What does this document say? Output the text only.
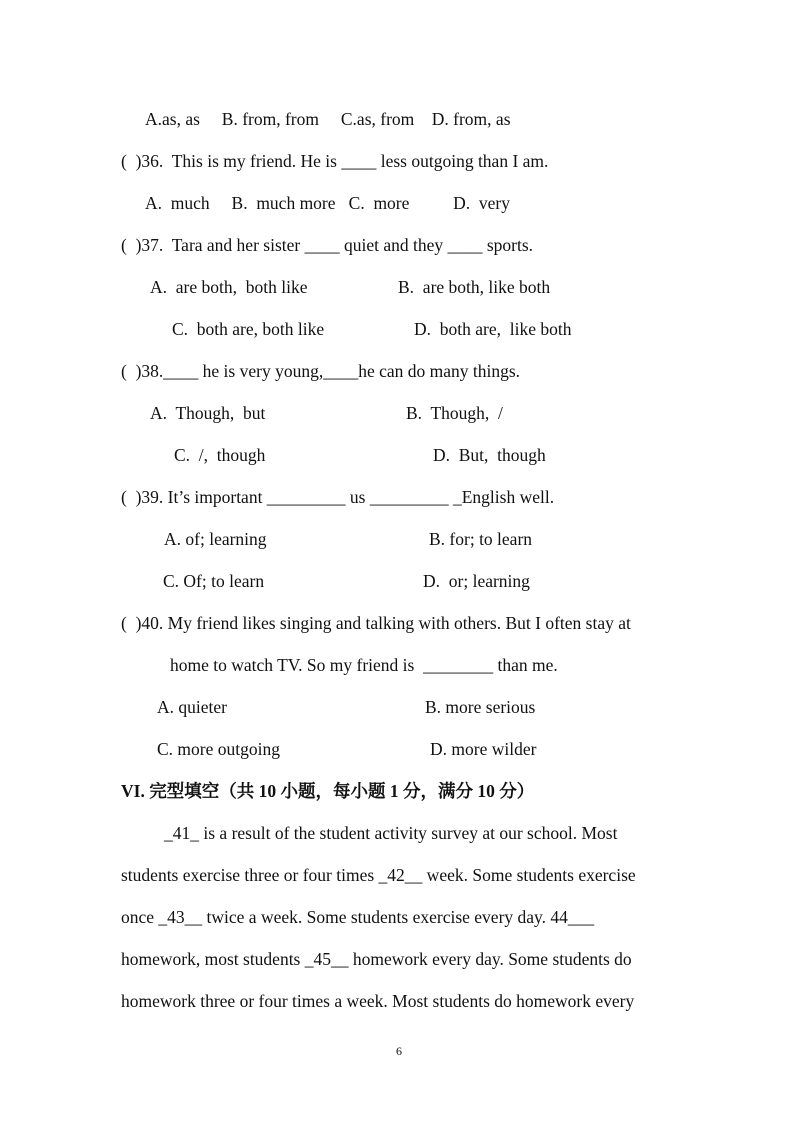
A.as, as     B. from, from     C.as, from    D. from, as
(  )36.  This is my friend. He is ____ less outgoing than I am.
A.  much     B.  much more   C.  more          D.  very
(  )37.  Tara and her sister ____ quiet and they ____ sports.
A.  are both,  both like	B.  are both, like both
C.  both are, both like	D.  both are,  like both
(  )38.____ he is very young,____he can do many things.
A.  Though,  but	B.  Though,  /
C.  /,  though	D.  But,  though
(  )39. It’s important _________ us _________ _English well.
A. of; learning	B. for; to learn
C. Of; to learn	D.  or; learning
(  )40. My friend likes singing and talking with others. But I often stay at
home to watch TV. So my friend is  ________ than me.
A. quieter	B. more serious
C. more outgoing	D. more wilder
VI. 完型填空（共 10 小题，每小题 1 分，满分 10 分）
_41_ is a result of the student activity survey at our school. Most
students exercise three or four times _42__ week. Some students exercise
once _43__ twice a week. Some students exercise every day. 44___
homework, most students _45__ homework every day. Some students do
homework three or four times a week. Most students do homework every
6
